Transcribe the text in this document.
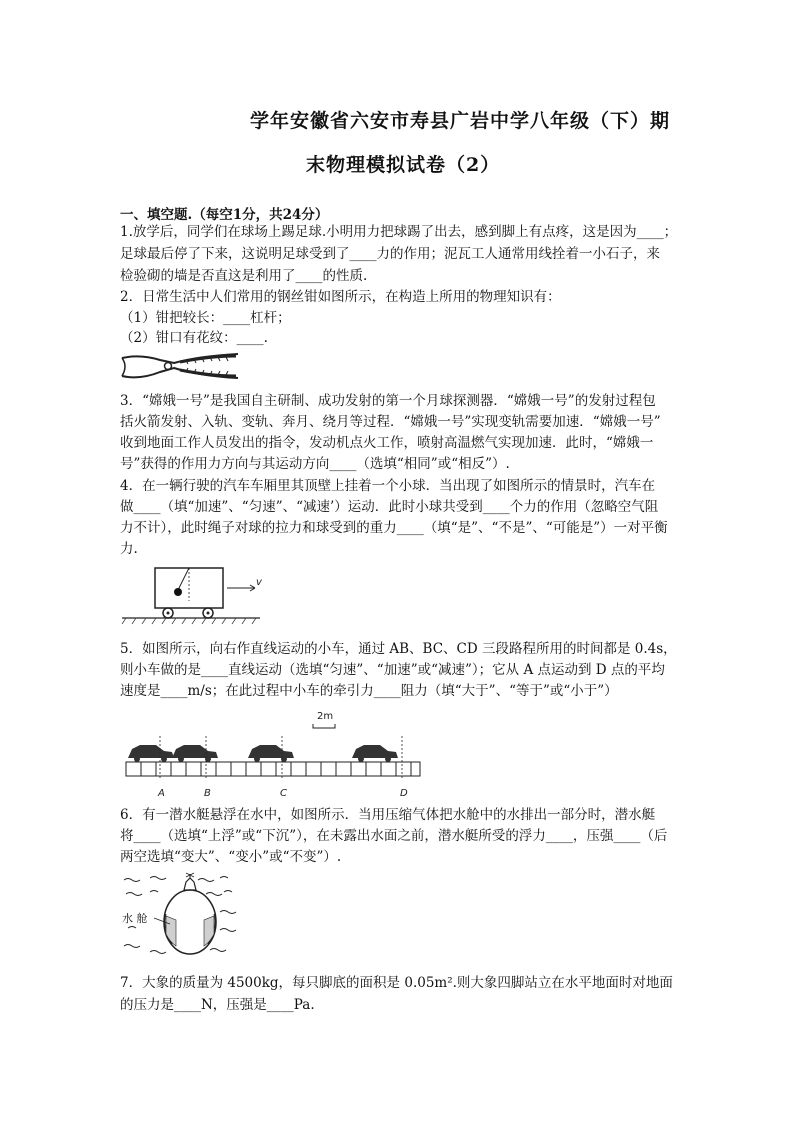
学年安徽省六安市寿县广岩中学八年级（下）期
末物理模拟试卷（2）
一、填空题.（每空1分，共24分）
1.放学后，同学们在球场上踢足球.小明用力把球踢了出去，感到脚上有点疼，这是因为____；
足球最后停了下来，这说明足球受到了____力的作用；泥瓦工人通常用线拴着一小石子，来
检验砌的墙是否直这是利用了____的性质.
2．日常生活中人们常用的钢丝钳如图所示，在构造上所用的物理知识有：
（1）钳把较长：____杠杆；
（2）钳口有花纹：____.
3．“嫦娥一号”是我国自主研制、成功发射的第一个月球探测器．“嫦娥一号”的发射过程包
括火箭发射、入轨、变轨、奔月、绕月等过程．“嫦娥一号”实现变轨需要加速．“嫦娥一号”
收到地面工作人员发出的指令，发动机点火工作，喷射高温燃气实现加速．此时，“嫦娥一
号”获得的作用力方向与其运动方向____（选填“相同”或“相反”）.
4．在一辆行驶的汽车车厢里其顶壁上挂着一个小球．当出现了如图所示的情景时，汽车在
做____（填“加速”、“匀速”、“减速’）运动．此时小球共受到____个力的作用（忽略空气阻
力不计），此时绳子对球的拉力和球受到的重力____（填“是”、“不是”、“可能是”）一对平衡
力.
v
5．如图所示，向右作直线运动的小车，通过 AB、BC、CD 三段路程所用的时间都是 0.4s，
则小车做的是____直线运动（选填“匀速”、“加速”或“减速”）；它从 A 点运动到 D 点的平均
速度是____m/s；在此过程中小车的牵引力____阻力（填“大于”、“等于”或“小于”）
2m
A	B	C	D
6．有一潜水艇悬浮在水中，如图所示．当用压缩气体把水舱中的水排出一部分时，潜水艇
将____（选填“上浮”或“下沉”），在未露出水面之前，潜水艇所受的浮力____，压强____（后
两空选填“变大”、“变小”或“不变”）.
水 舱
7．大象的质量为 4500kg，每只脚底的面积是 0.05m².则大象四脚站立在水平地面时对地面
的压力是____N，压强是____Pa.
